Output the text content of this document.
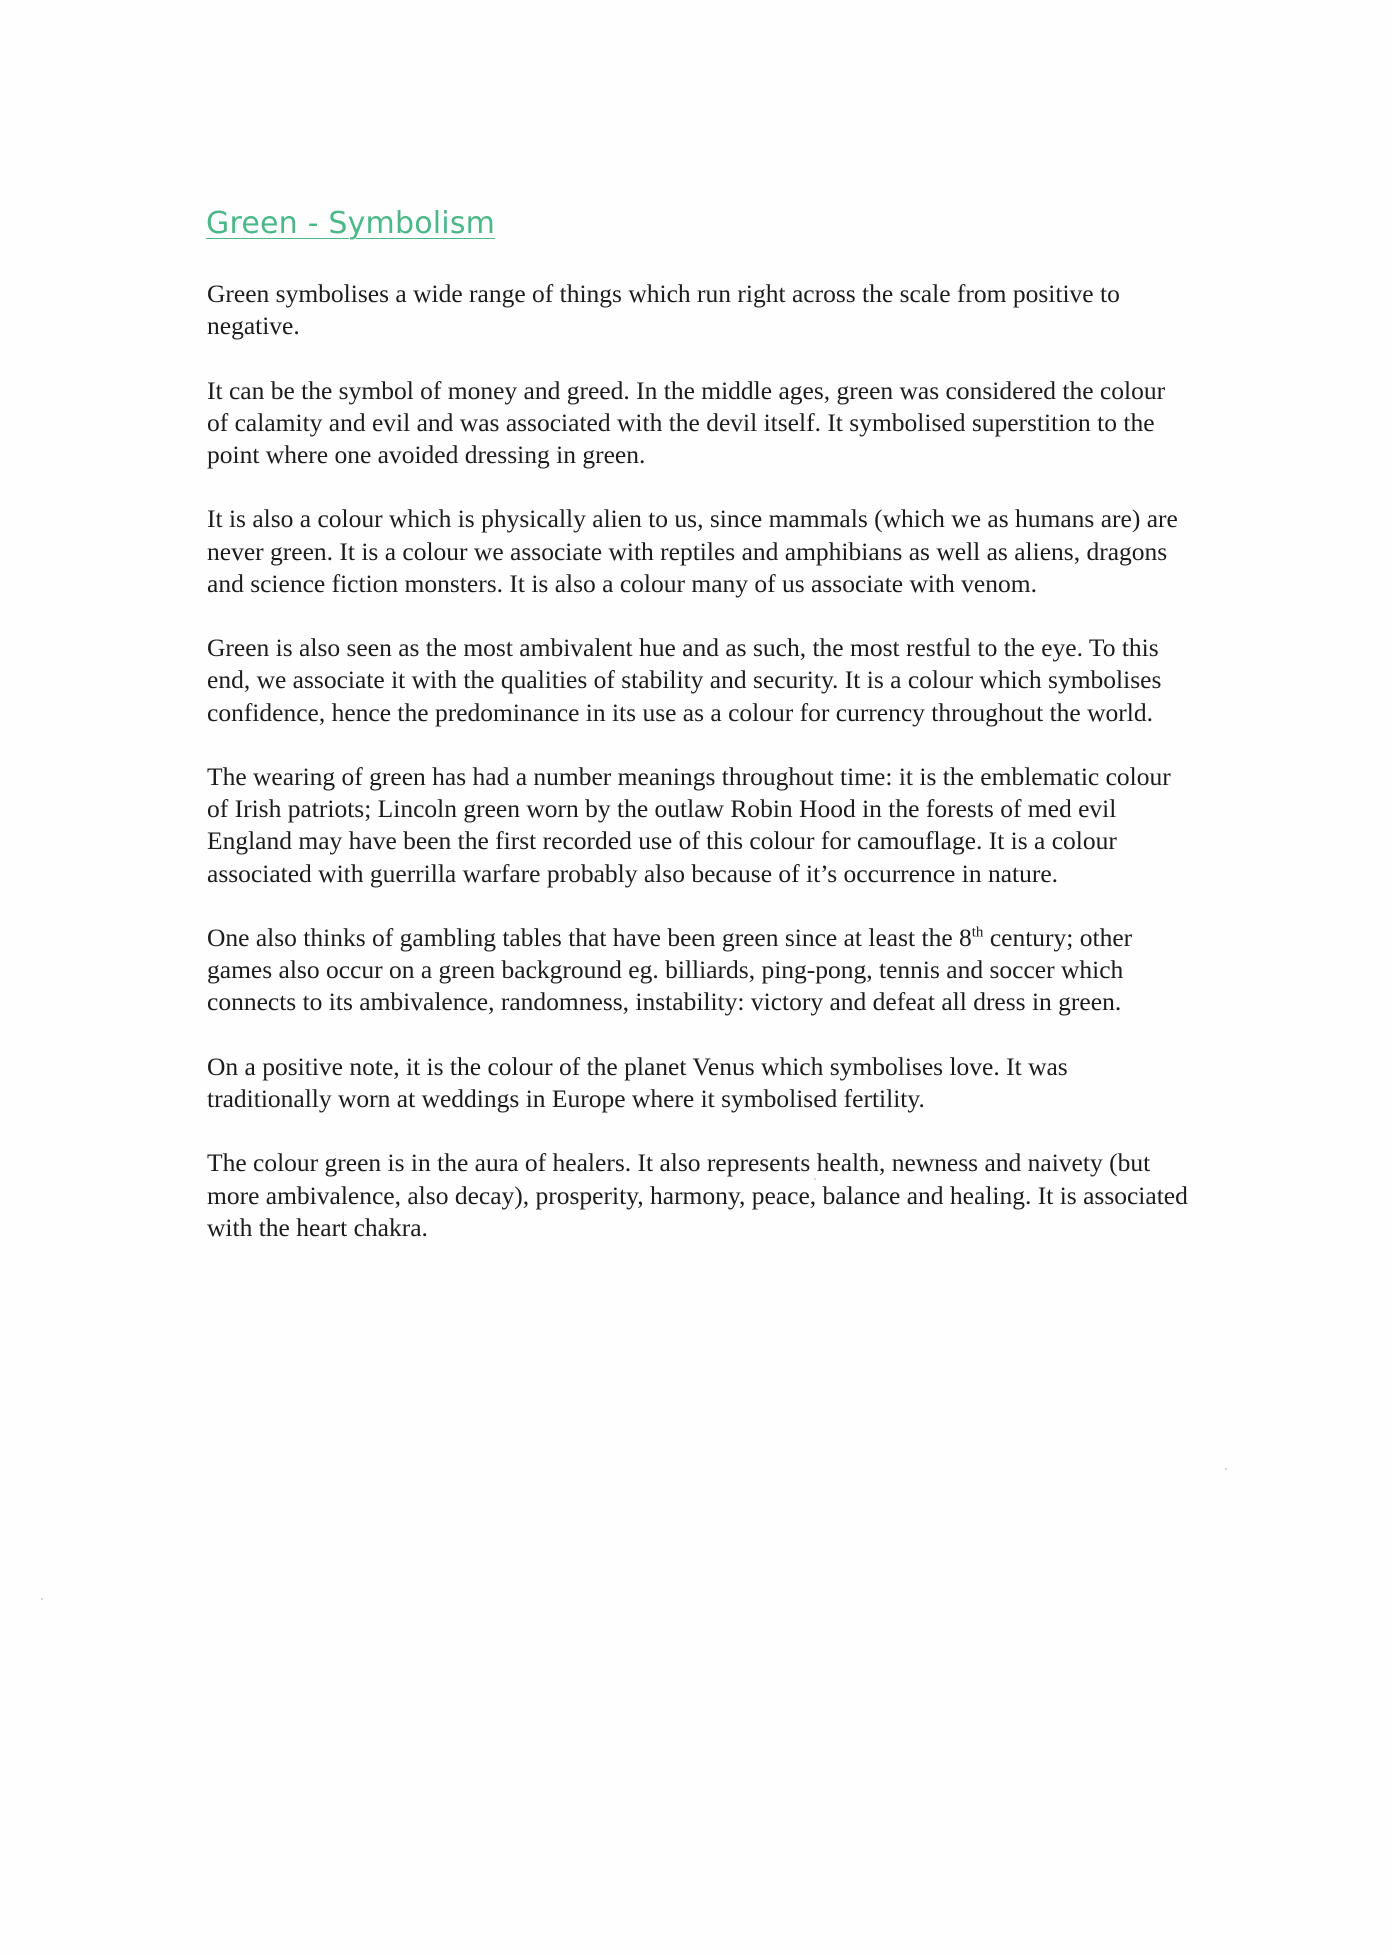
Green - Symbolism

Green symbolises a wide range of things which run right across the scale from positive to negative.

It can be the symbol of money and greed. In the middle ages, green was considered the colour of calamity and evil and was associated with the devil itself. It symbolised superstition to the point where one avoided dressing in green.

It is also a colour which is physically alien to us, since mammals (which we as humans are) are never green. It is a colour we associate with reptiles and amphibians as well as aliens, dragons and science fiction monsters. It is also a colour many of us associate with venom.

Green is also seen as the most ambivalent hue and as such, the most restful to the eye. To this end, we associate it with the qualities of stability and security. It is a colour which symbolises confidence, hence the predominance in its use as a colour for currency throughout the world.

The wearing of green has had a number meanings throughout time: it is the emblematic colour of Irish patriots; Lincoln green worn by the outlaw Robin Hood in the forests of med evil England may have been the first recorded use of this colour for camouflage. It is a colour associated with guerrilla warfare probably also because of it’s occurrence in nature.

One also thinks of gambling tables that have been green since at least the 8th century; other games also occur on a green background eg. billiards, ping-pong, tennis and soccer which connects to its ambivalence, randomness, instability: victory and defeat all dress in green.

On a positive note, it is the colour of the planet Venus which symbolises love. It was traditionally worn at weddings in Europe where it symbolised fertility.

The colour green is in the aura of healers. It also represents health, newness and naivety (but more ambivalence, also decay), prosperity, harmony, peace, balance and healing. It is associated with the heart chakra.
